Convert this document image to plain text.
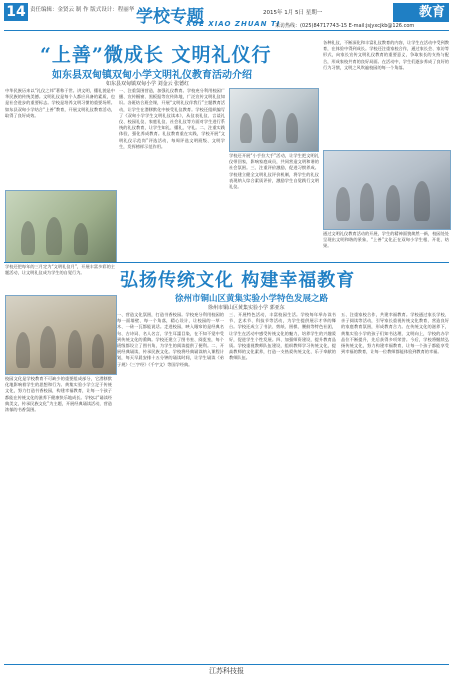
14 责任编辑：金贤云 制 作 版式设计：程丽华 学校专题
XUE XIAO ZHUAN TI
2015年 1月 5日 星期一	教育
采访热线：(025)84717743-15 E-mail:jsjyxcjkb@126.com
“上善”微成长 文明礼仪行
如东县双甸镇双甸小学文明礼仪教育活动介绍
如东县双甸镇双甸小学 刘金云 张德红
中华民族历来以“礼仪之邦”著称于世。讲文明，懂礼貌是中华民族的传统美德。文明礼仪是每个人都应具备的素质，也是社会进步的重要标志。学校是培养文明习惯的重要场所。如东县双甸小学结合“上善”教育，开展文明礼仪教育活动，取得了良好成效。
学校还把每年的三月定为“文明礼仪月”，开展丰富多彩的主题活动，让文明礼仪成为学生的自觉行为。
一、注重氛围营造，加强礼仪教育。学校充分利用校园广播、宣传橱窗、黑板报等宣传阵地，广泛宣传文明礼仪知识。各班结合班会课，开展“文明礼仪伴我行”主题教育活动，让学生在潜移默化中接受礼仪教育。学校还组织编写了《双甸小学学生文明礼仪读本》，从仪表礼仪、言谈礼仪、校园礼仪、家庭礼仪、社会礼仪等方面对学生进行系统的礼仪教育，让学生知礼、懂礼、守礼。二、注重实践体验，强化养成教育。礼仪教育重在实践，学校开展“文明礼仪示范岗”评选活动，每周评选文明班级、文明学生，发挥榜样示范作用。
学校还开展“小手拉大手”活动，让学生把文明礼仪带回家，影响家庭成员，共同营造文明和谐的社会氛围。三、注重评价激励，促进习惯养成。学校建立健全文明礼仪评价机制，将学生的礼仪表现纳入综合素质评价，激励学生自觉践行文明礼仪。
各种礼仪，不断深化和丰富礼仪教育的内容，让学生在活动中受到教育，在体验中得到成长。学校还注重家校合作，通过家长会、家访等形式，向家长宣传文明礼仪教育的重要意义，争取家长的支持与配合，形成家校共育的良好局面。在活动中，学生们逐步养成了良好的行为习惯，文明之风吹遍校园的每一个角落。
通过文明礼仪教育活动的开展，学生的精神面貌焕然一新，校园处处呈现出文明和谐的景象，“上善”文化正在双甸小学生根、开花、结果。
弘扬传统文化 构建幸福教育
徐州市铜山区黄集实验小学特色发展之路
徐州市铜山区黄集实验小学 郭亚东
校园文化是学校教育不可缺少的重要组成部分，它潜移默化地影响着学生的思想和行为。黄集实验小学立足于传统文化，努力打造书香校园，构建幸福教育，让每一个孩子都能在传统文化的滋养下健康快乐地成长。学校以“诵读经典美文，传承民族文化”为主题，开展经典诵读活动，营造浓郁的书香氛围。
一、营造文化氛围，打造书香校园。学校充分利用校园的每一面墙壁、每一个角落，精心设计，让校园的一草一木、一砖一瓦都能说话。走进校园，映入眼帘的是经典名句、古诗词、名人名言，学生耳濡目染，在不知不觉中受到传统文化的熏陶。学校还建立了图书室、阅览室，每个班级都设立了图书角，为学生的阅读提供了便利。二、开展经典诵读，传承民族文化。学校将经典诵读纳入课程计划，每天早晨安排十五分钟的诵读时间，让学生诵读《弟子规》《三字经》《千字文》等国学经典。
三、开展特色活动，丰富校园生活。学校每年举办读书节、艺术节、科技节等活动，为学生提供展示才华的舞台。学校还成立了书法、剪纸、围棋、腰鼓等特色社团，让学生在活动中感受传统文化的魅力，培养学生的兴趣爱好，促进学生个性发展。四、加强师资建设，提升教育品质。学校重视教师队伍建设，组织教师学习传统文化，提高教师的文化素养，打造一支热爱传统文化、乐于奉献的教师队伍。
五、注重家校合作，共建幸福教育。学校通过家长学校、亲子阅读等活动，引导家长重视传统文化教育，营造良好的家庭教育氛围，形成教育合力。在传统文化的滋养下，黄集实验小学的孩子们知书达理、文明向上，学校的办学品位不断提升，先后获得多项荣誉。今后，学校将继续弘扬传统文化，努力构建幸福教育，让每一个孩子都能享受到幸福的教育，让每一位教师都能体验到教育的幸福。
江苏科技报
